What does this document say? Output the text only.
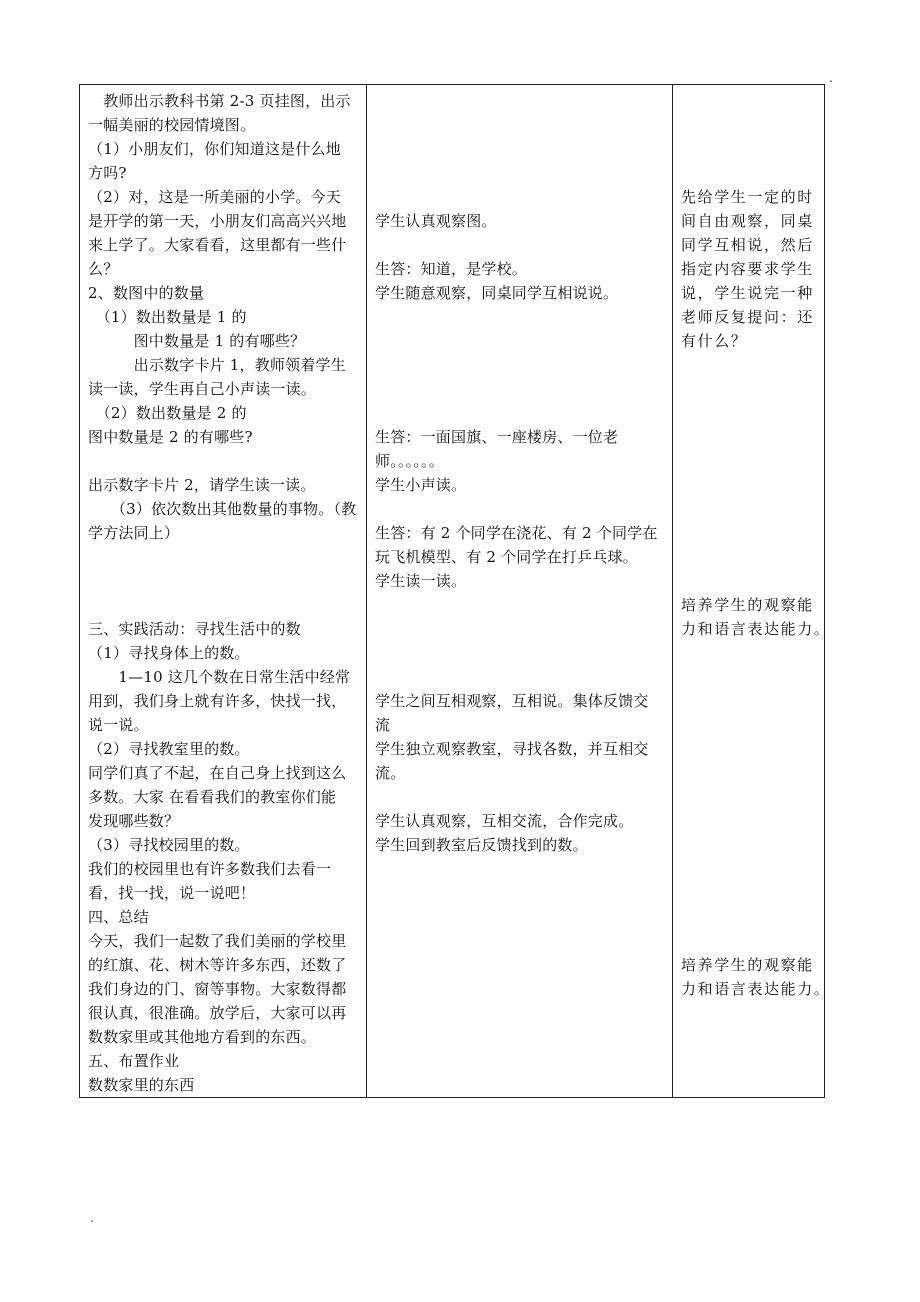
.
.
　教师出示教科书第 2-3 页挂图，出示
一幅美丽的校园情境图。
（1）小朋友们，你们知道这是什么地
方吗?
（2）对，这是一所美丽的小学。今天
是开学的第一天，小朋友们高高兴兴地
来上学了。大家看看，这里都有一些什
么？
2、数图中的数量
　（1）数出数量是 1 的
　　　图中数量是 1 的有哪些？
　　　出示数字卡片 1，教师领着学生
读一读，学生再自己小声读一读。
　（2）数出数量是 2 的
图中数量是 2 的有哪些?
出示数字卡片 2，请学生读一读。
　　（3）依次数出其他数量的事物。（教
学方法同上）
三、实践活动：寻找生活中的数
（1）寻找身体上的数。
　　1—10 这几个数在日常生活中经常
用到，我们身上就有许多，快找一找，
说一说。
（2）寻找教室里的数。
同学们真了不起，在自己身上找到这么
多数。大家 在看看我们的教室你们能
发现哪些数？
（3）寻找校园里的数。
我们的校园里也有许多数我们去看一
看，找一找，说一说吧！
四、总结
今天，我们一起数了我们美丽的学校里
的红旗、花、树木等许多东西，还数了
我们身边的门、窗等事物。大家数得都
很认真，很准确。放学后，大家可以再
数数家里或其他地方看到的东西。
五、布置作业
数数家里的东西
学生认真观察图。
生答：知道，是学校。
学生随意观察，同桌同学互相说说。
生答：一面国旗、一座楼房、一位老
师。。。。。。
学生小声读。
生答：有 2 个同学在浇花、有 2 个同学在
玩飞机模型、有 2 个同学在打乒乓球。
学生读一读。
学生之间互相观察，互相说。集体反馈交
流
学生独立观察教室，寻找各数，并互相交
流。
学生认真观察，互相交流，合作完成。
学生回到教室后反馈找到的数。
先给学生一定的时
间自由观察，同桌
同学互相说，然后
指定内容要求学生
说，学生说完一种
老师反复提问：还
有什么？
培养学生的观察能
力和语言表达能力。
培养学生的观察能
力和语言表达能力。
